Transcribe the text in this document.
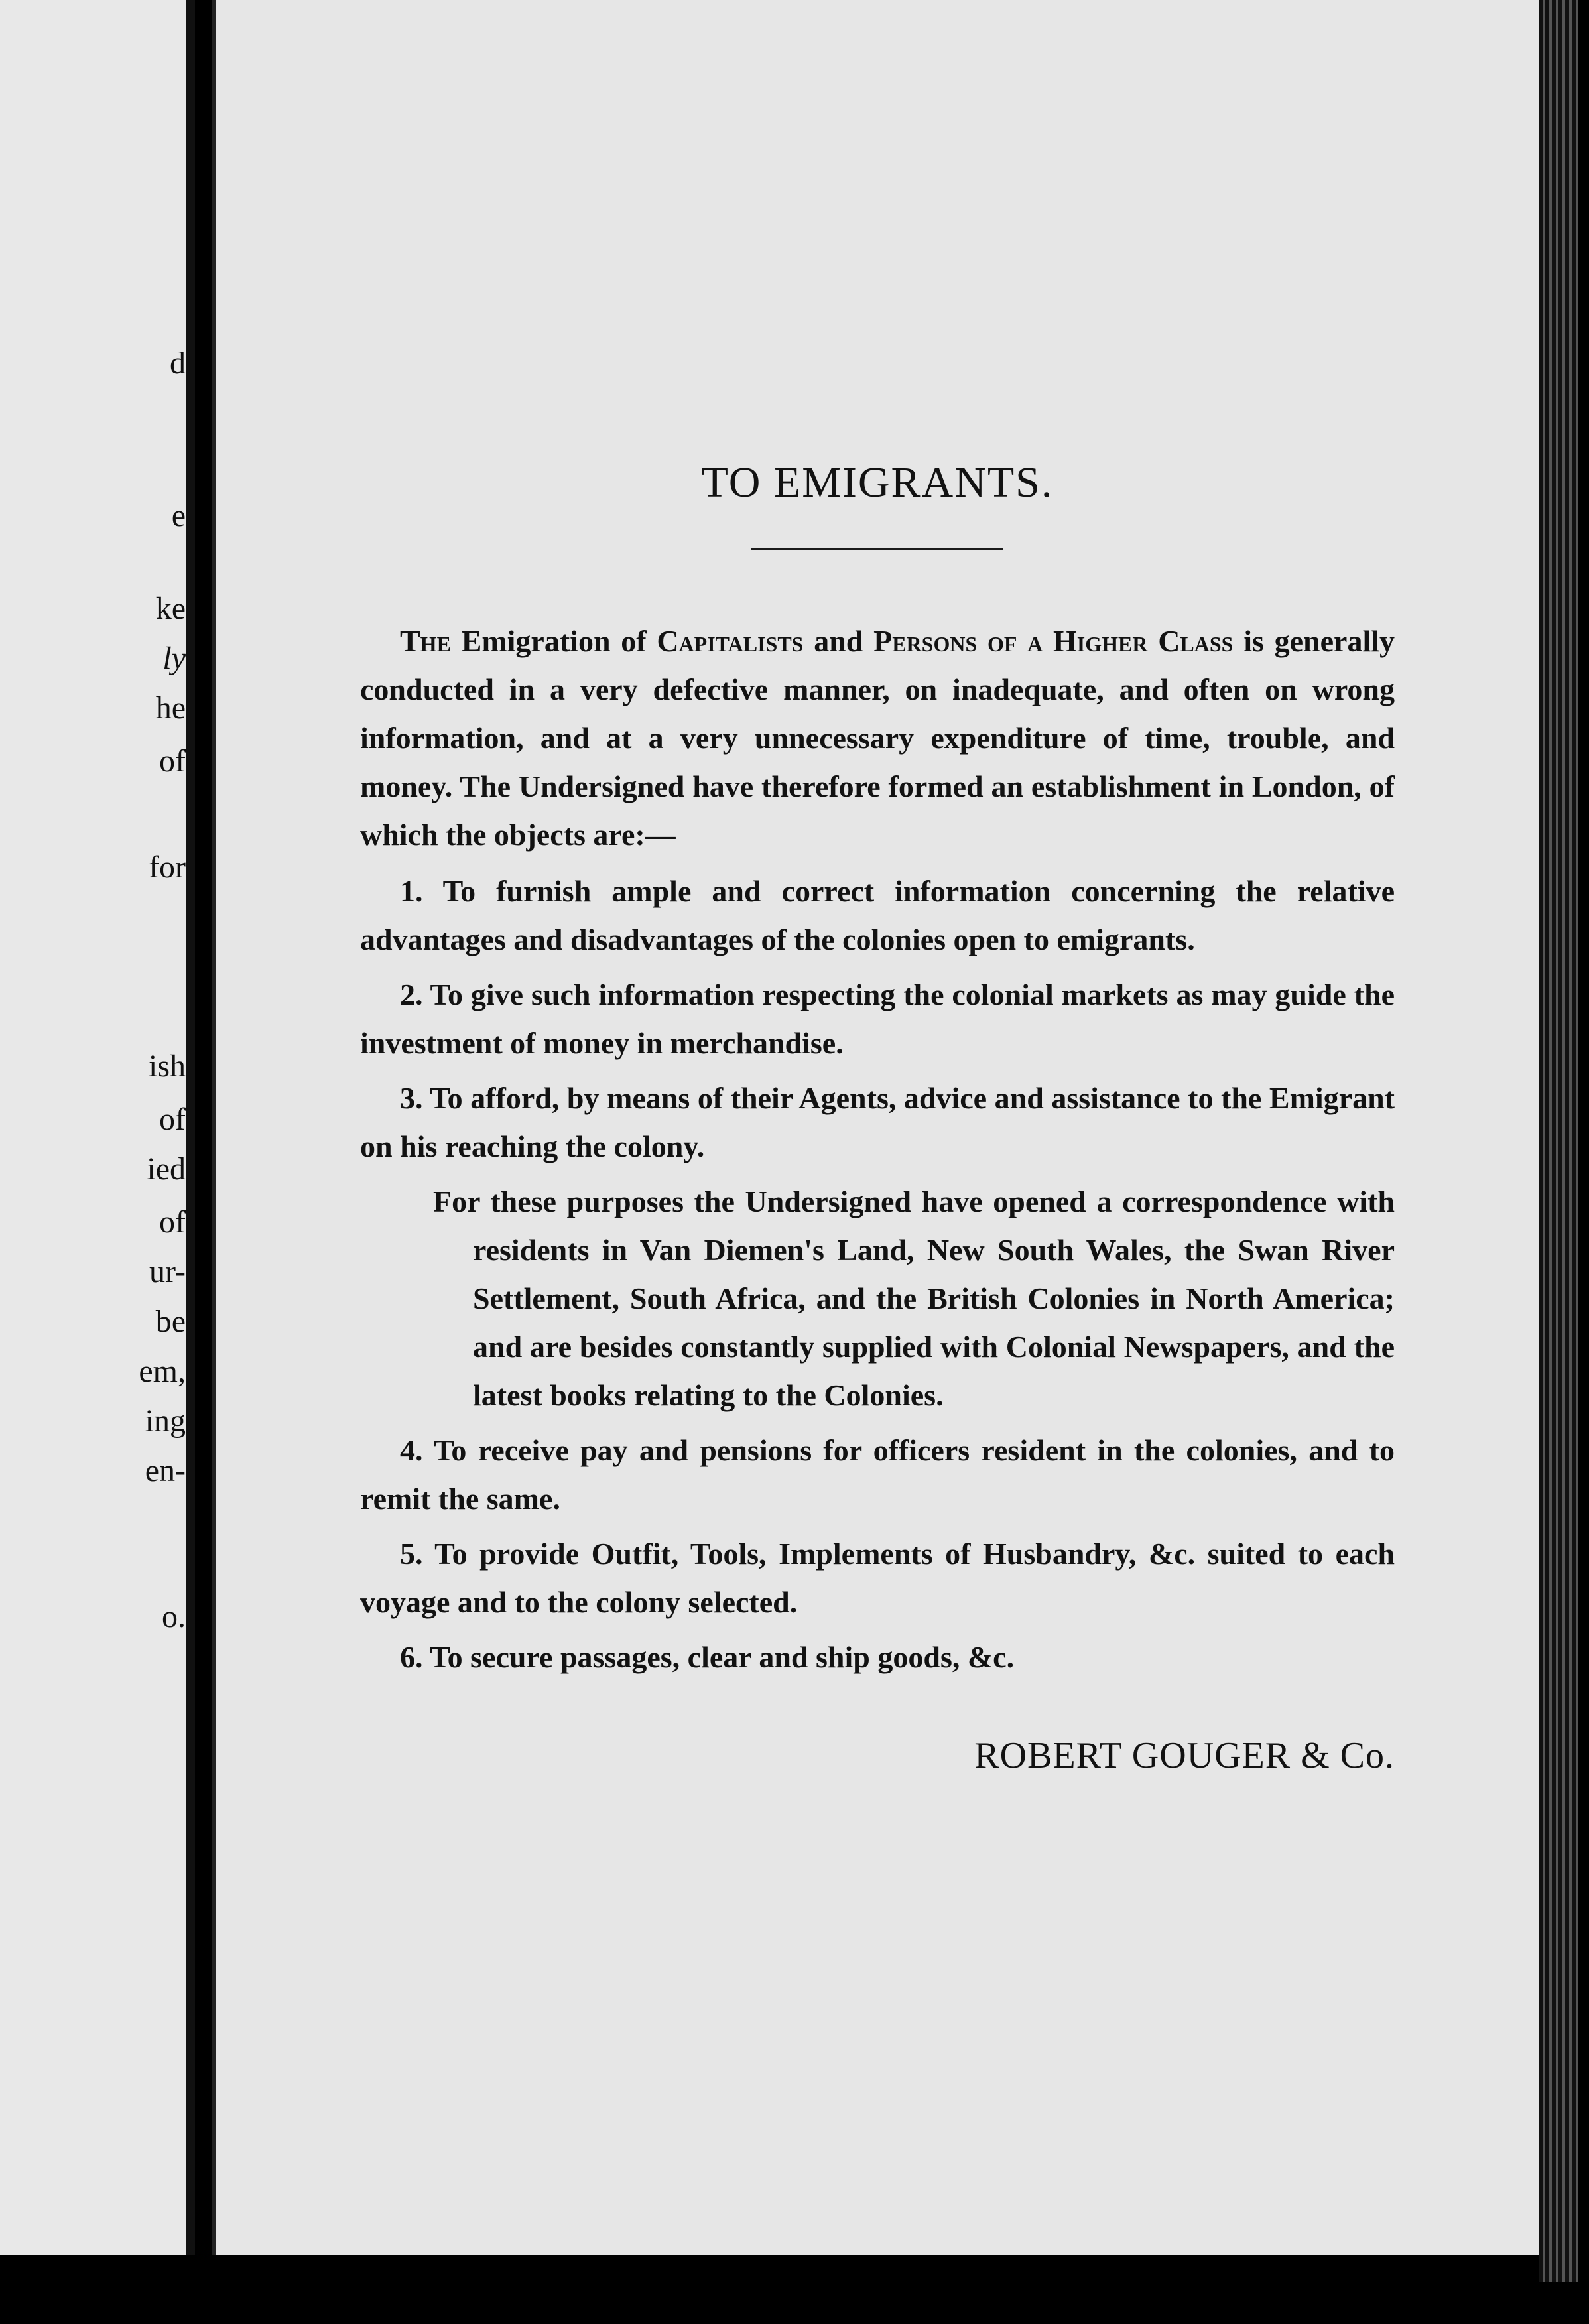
d
e
ke
ly
he
of
for
ish
of
ied
of
ur-
be
em,
ing
en-
o.
TO EMIGRANTS.

The Emigration of Capitalists and Persons of a Higher Class is generally conducted in a very defective manner, on inadequate, and often on wrong information, and at a very unnecessary expenditure of time, trouble, and money. The Undersigned have therefore formed an establishment in London, of which the objects are:—

1. To furnish ample and correct information concerning the relative advantages and disadvantages of the colonies open to emigrants.

2. To give such information respecting the colonial markets as may guide the investment of money in merchandise.

3. To afford, by means of their Agents, advice and assistance to the Emigrant on his reaching the colony.

For these purposes the Undersigned have opened a correspondence with residents in Van Diemen's Land, New South Wales, the Swan River Settlement, South Africa, and the British Colonies in North America; and are besides constantly supplied with Colonial Newspapers, and the latest books relating to the Colonies.

4. To receive pay and pensions for officers resident in the colonies, and to remit the same.

5. To provide Outfit, Tools, Implements of Husbandry, &c. suited to each voyage and to the colony selected.

6. To secure passages, clear and ship goods, &c.

ROBERT GOUGER & Co.
